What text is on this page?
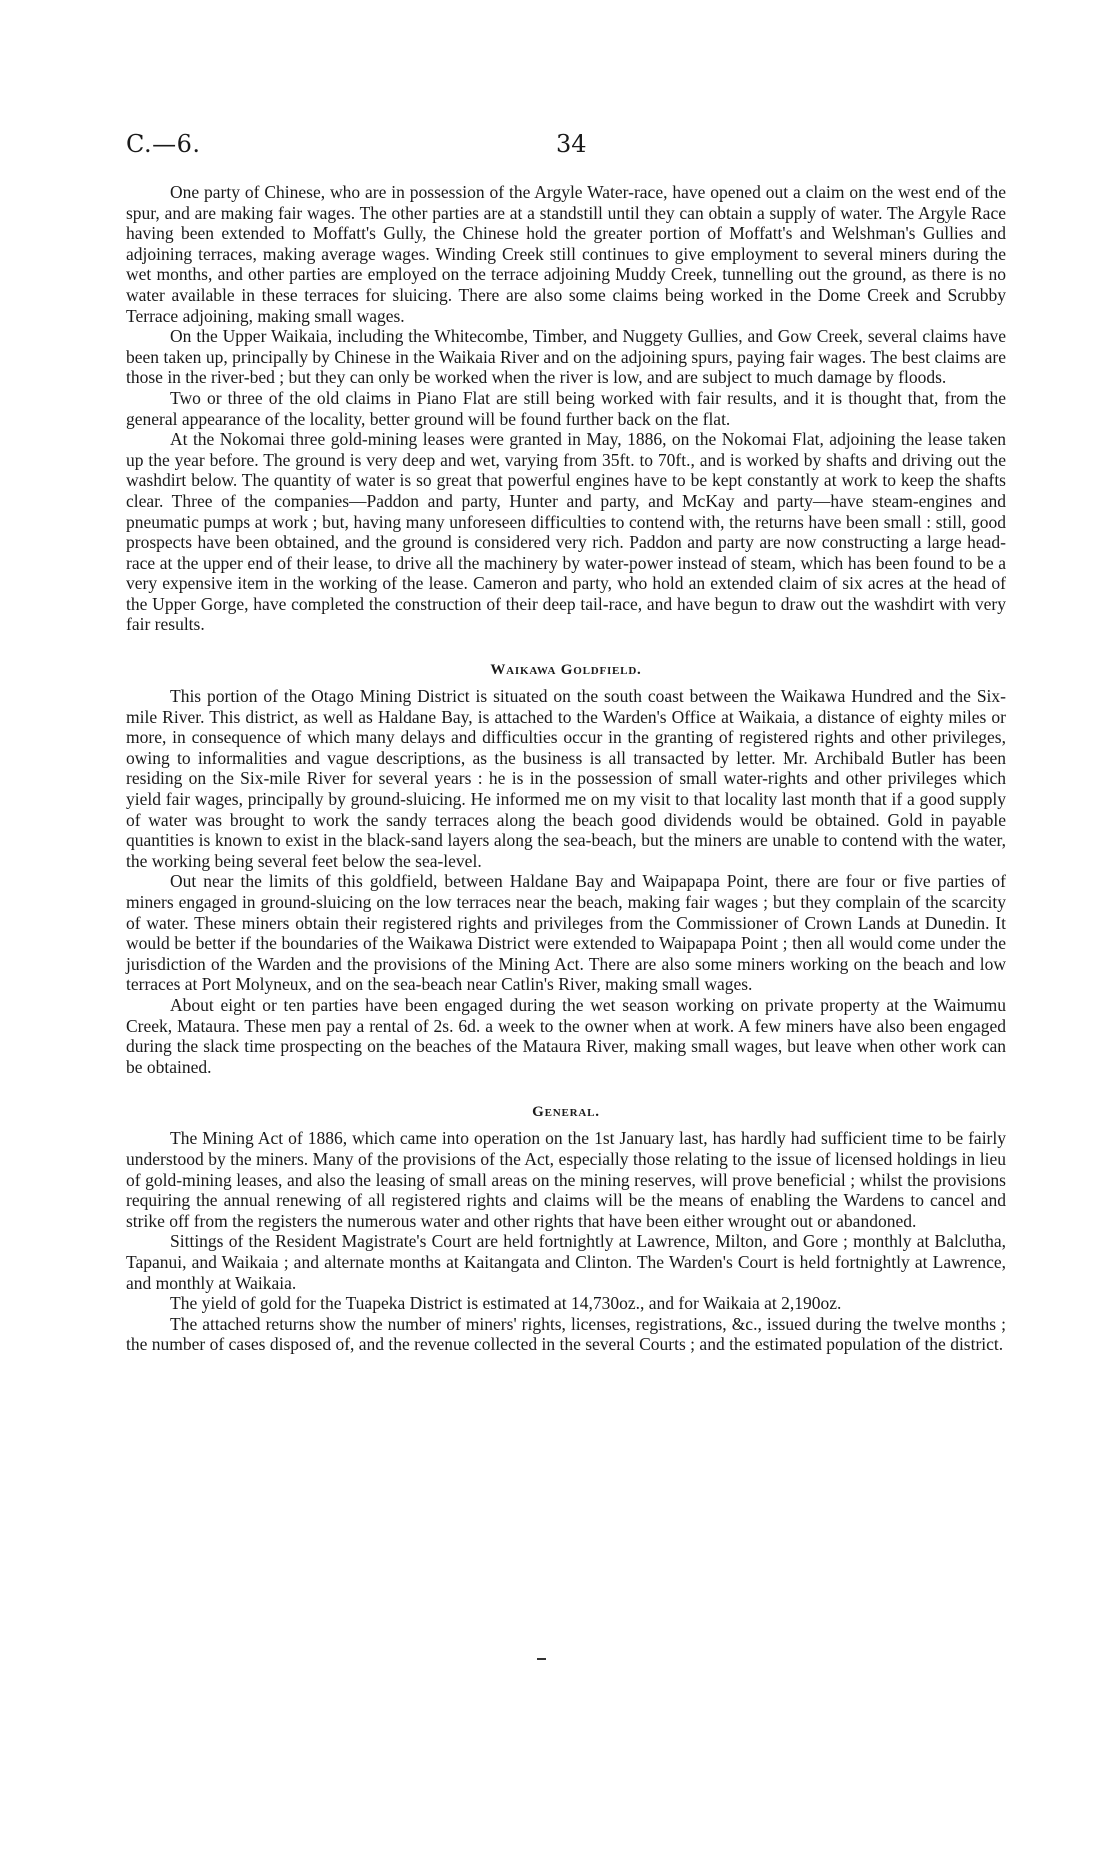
C.—6.	34

One party of Chinese, who are in possession of the Argyle Water-race, have opened out a claim on the west end of the spur, and are making fair wages. The other parties are at a standstill until they can obtain a supply of water. The Argyle Race having been extended to Moffatt's Gully, the Chinese hold the greater portion of Moffatt's and Welshman's Gullies and adjoining terraces, making average wages. Winding Creek still continues to give employment to several miners during the wet months, and other parties are employed on the terrace adjoining Muddy Creek, tunnelling out the ground, as there is no water available in these terraces for sluicing. There are also some claims being worked in the Dome Creek and Scrubby Terrace adjoining, making small wages.

On the Upper Waikaia, including the Whitecombe, Timber, and Nuggety Gullies, and Gow Creek, several claims have been taken up, principally by Chinese in the Waikaia River and on the adjoining spurs, paying fair wages. The best claims are those in the river-bed ; but they can only be worked when the river is low, and are subject to much damage by floods.

Two or three of the old claims in Piano Flat are still being worked with fair results, and it is thought that, from the general appearance of the locality, better ground will be found further back on the flat.

At the Nokomai three gold-mining leases were granted in May, 1886, on the Nokomai Flat, adjoining the lease taken up the year before. The ground is very deep and wet, varying from 35ft. to 70ft., and is worked by shafts and driving out the washdirt below. The quantity of water is so great that powerful engines have to be kept constantly at work to keep the shafts clear. Three of the companies—Paddon and party, Hunter and party, and McKay and party—have steam-engines and pneumatic pumps at work ; but, having many unforeseen difficulties to contend with, the returns have been small : still, good prospects have been obtained, and the ground is considered very rich. Paddon and party are now constructing a large head-race at the upper end of their lease, to drive all the machinery by water-power instead of steam, which has been found to be a very expensive item in the working of the lease. Cameron and party, who hold an extended claim of six acres at the head of the Upper Gorge, have completed the construction of their deep tail-race, and have begun to draw out the washdirt with very fair results.

Waikawa Goldfield.

This portion of the Otago Mining District is situated on the south coast between the Waikawa Hundred and the Six-mile River. This district, as well as Haldane Bay, is attached to the Warden's Office at Waikaia, a distance of eighty miles or more, in consequence of which many delays and difficulties occur in the granting of registered rights and other privileges, owing to informalities and vague descriptions, as the business is all transacted by letter. Mr. Archibald Butler has been residing on the Six-mile River for several years : he is in the possession of small water-rights and other privileges which yield fair wages, principally by ground-sluicing. He informed me on my visit to that locality last month that if a good supply of water was brought to work the sandy terraces along the beach good dividends would be obtained. Gold in payable quantities is known to exist in the black-sand layers along the sea-beach, but the miners are unable to contend with the water, the working being several feet below the sea-level.

Out near the limits of this goldfield, between Haldane Bay and Waipapapa Point, there are four or five parties of miners engaged in ground-sluicing on the low terraces near the beach, making fair wages ; but they complain of the scarcity of water. These miners obtain their registered rights and privileges from the Commissioner of Crown Lands at Dunedin. It would be better if the boundaries of the Waikawa District were extended to Waipapapa Point ; then all would come under the jurisdiction of the Warden and the provisions of the Mining Act. There are also some miners working on the beach and low terraces at Port Molyneux, and on the sea-beach near Catlin's River, making small wages.

About eight or ten parties have been engaged during the wet season working on private property at the Waimumu Creek, Mataura. These men pay a rental of 2s. 6d. a week to the owner when at work. A few miners have also been engaged during the slack time prospecting on the beaches of the Mataura River, making small wages, but leave when other work can be obtained.

General.

The Mining Act of 1886, which came into operation on the 1st January last, has hardly had sufficient time to be fairly understood by the miners. Many of the provisions of the Act, especially those relating to the issue of licensed holdings in lieu of gold-mining leases, and also the leasing of small areas on the mining reserves, will prove beneficial ; whilst the provisions requiring the annual renewing of all registered rights and claims will be the means of enabling the Wardens to cancel and strike off from the registers the numerous water and other rights that have been either wrought out or abandoned.

Sittings of the Resident Magistrate's Court are held fortnightly at Lawrence, Milton, and Gore ; monthly at Balclutha, Tapanui, and Waikaia ; and alternate months at Kaitangata and Clinton. The Warden's Court is held fortnightly at Lawrence, and monthly at Waikaia.

The yield of gold for the Tuapeka District is estimated at 14,730oz., and for Waikaia at 2,190oz.

The attached returns show the number of miners' rights, licenses, registrations, &c., issued during the twelve months ; the number of cases disposed of, and the revenue collected in the several Courts ; and the estimated population of the district.
